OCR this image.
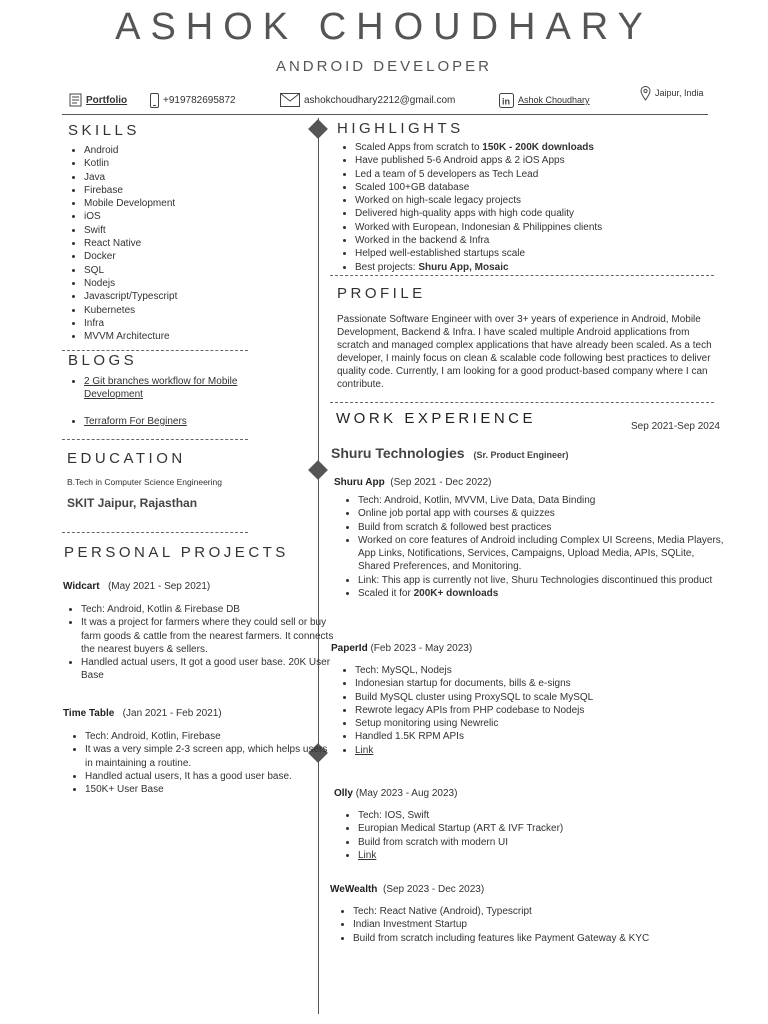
ASHOK CHOUDHARY
ANDROID DEVELOPER
Portfolio	+919782695872	ashokchoudhary2212@gmail.com	in Ashok Choudhary
Jaipur, India
SKILLS
• Android
• Kotlin
• Java
• Firebase
• Mobile Development
• iOS
• Swift
• React Native
• Docker
• SQL
• Nodejs
• Javascript/Typescript
• Kubernetes
• Infra
• MVVM Architecture
BLOGS
• 2 Git branches workflow for Mobile Development
• Terraform For Beginers
EDUCATION
B.Tech in Computer Science Engineering
SKIT Jaipur, Rajasthan
PERSONAL PROJECTS
Widcart (May 2021 - Sep 2021)
• Tech: Android, Kotlin & Firebase DB
• It was a project for farmers where they could sell or buy farm goods & cattle from the nearest farmers. It connects the nearest buyers & sellers.
• Handled actual users, It got a good user base. 20K User Base
Time Table (Jan 2021 - Feb 2021)
• Tech: Android, Kotlin, Firebase
• It was a very simple 2-3 screen app, which helps users in maintaining a routine.
• Handled actual users, It has a good user base.
• 150K+ User Base
HIGHLIGHTS
• Scaled Apps from scratch to 150K - 200K downloads
• Have published 5-6 Android apps & 2 iOS Apps
• Led a team of 5 developers as Tech Lead
• Scaled 100+GB database
• Worked on high-scale legacy projects
• Delivered high-quality apps with high code quality
• Worked with European, Indonesian & Philippines clients
• Worked in the backend & Infra
• Helped well-established startups scale
• Best projects: Shuru App, Mosaic
PROFILE
Passionate Software Engineer with over 3+ years of experience in Android, Mobile Development, Backend & Infra. I have scaled multiple Android applications from scratch and managed complex applications that have already been scaled. As a tech developer, I mainly focus on clean & scalable code following best practices to deliver quality code. Currently, I am looking for a good product-based company where I can contribute.
WORK EXPERIENCE	Sep 2021-Sep 2024
Shuru Technologies (Sr. Product Engineer)
Shuru App (Sep 2021 - Dec 2022)
• Tech: Android, Kotlin, MVVM, Live Data, Data Binding
• Online job portal app with courses & quizzes
• Build from scratch & followed best practices
• Worked on core features of Android including Complex UI Screens, Media Players, App Links, Notifications, Services, Campaigns, Upload Media, APIs, SQLite, Shared Preferences, and Monitoring.
• Link: This app is currently not live, Shuru Technologies discontinued this product
• Scaled it for 200K+ downloads
PaperId (Feb 2023 - May 2023)
• Tech: MySQL, Nodejs
• Indonesian startup for documents, bills & e-signs
• Build MySQL cluster using ProxySQL to scale MySQL
• Rewrote legacy APIs from PHP codebase to Nodejs
• Setup monitoring using Newrelic
• Handled 1.5K RPM APIs
• Link
Olly (May 2023 - Aug 2023)
• Tech: IOS, Swift
• Europian Medical Startup (ART & IVF Tracker)
• Build from scratch with modern UI
• Link
WeWealth (Sep 2023 - Dec 2023)
• Tech: React Native (Android), Typescript
• Indian Investment Startup
• Build from scratch including features like Payment Gateway & KYC
